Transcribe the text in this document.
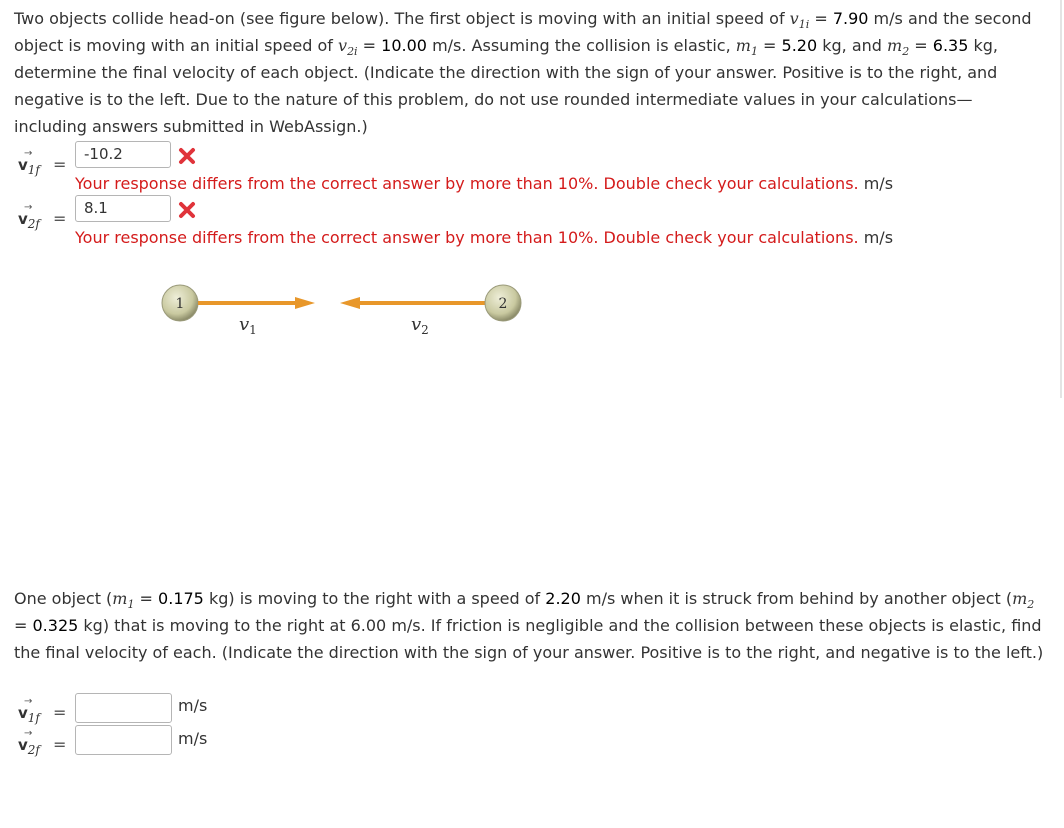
Two objects collide head-on (see figure below). The first object is moving with an initial speed of $v_{1i} = 7.90$ m/s and the second object is moving with an initial speed of $v_{2i} = 10.00$ m/s. Assuming the collision is elastic, $m_1 = 5.20$ kg, and $m_2 = 6.35$ kg, determine the final velocity of each object. (Indicate the direction with the sign of your answer. Positive is to the right, and negative is to the left. Due to the nature of this problem, do not use rounded intermediate values in your calculations—including answers submitted in WebAssign.)
→
$v_{1f}$ =
-10.2
Your response differs from the correct answer by more than 10%. Double check your calculations. m/s
→
$v_{2f}$ =
8.1
Your response differs from the correct answer by more than 10%. Double check your calculations. m/s
1	2
$v_1$	$v_2$
One object ($m_1 = 0.175$ kg) is moving to the right with a speed of 2.20 m/s when it is struck from behind by another object ($m_2 = 0.325$ kg) that is moving to the right at 6.00 m/s. If friction is negligible and the collision between these objects is elastic, find the final velocity of each. (Indicate the direction with the sign of your answer. Positive is to the right, and negative is to the left.)
→
$v_{1f}$ =	m/s
→
$v_{2f}$ =	m/s
